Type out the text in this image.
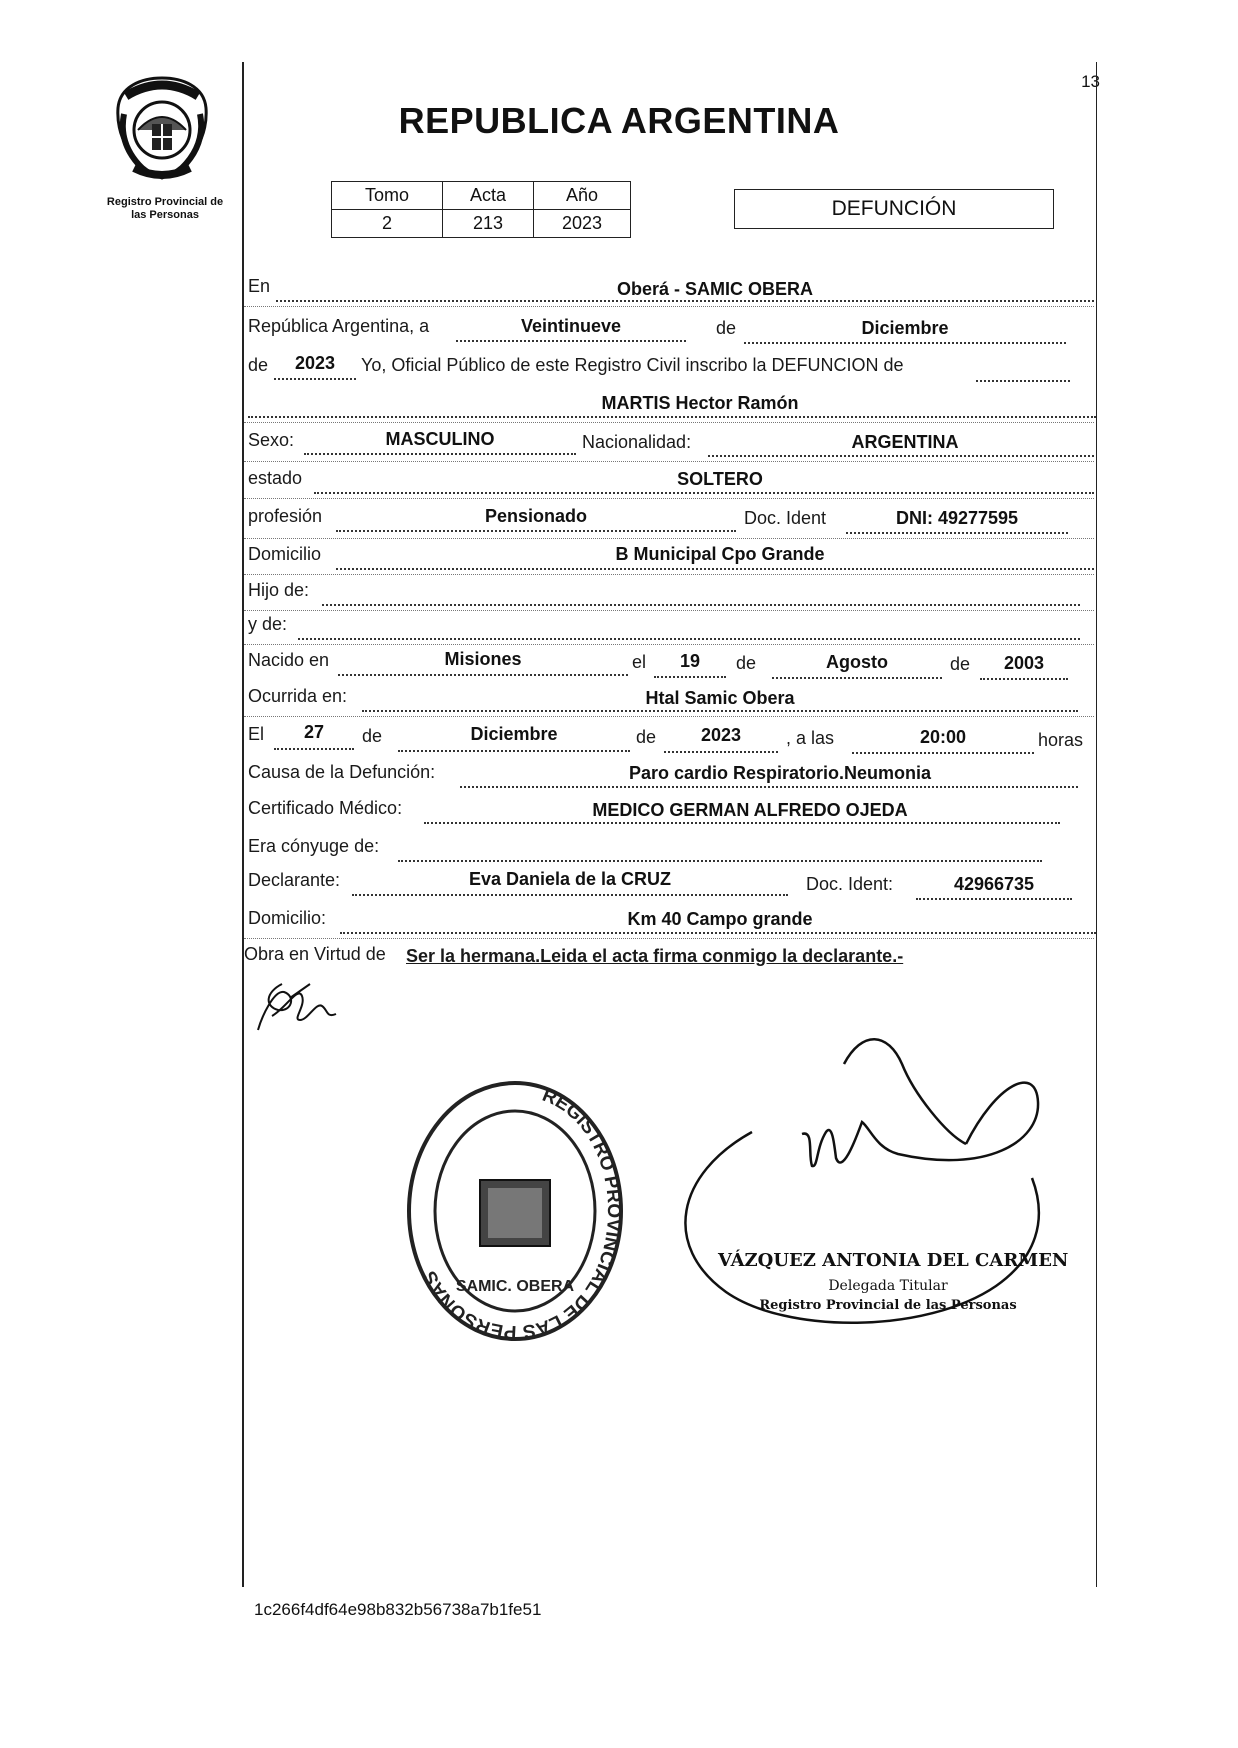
13
Registro Provincial de
las Personas
REPUBLICA ARGENTINA
Tomo	Acta	Año
2	213	2023
DEFUNCIÓN
En	Oberá - SAMIC OBERA
República Argentina, a	Veintinueve	de	Diciembre
de	2023	Yo, Oficial Público de este Registro Civil inscribo la DEFUNCION de
MARTIS Hector Ramón
Sexo:	MASCULINO	Nacionalidad:	ARGENTINA
estado	SOLTERO
profesión	Pensionado	Doc. Ident	DNI: 49277595
Domicilio	B Municipal Cpo Grande
Hijo de:
y de:
Nacido en	Misiones	el	19	de	Agosto	de	2003
Ocurrida en:	Htal Samic Obera
El	27	de	Diciembre	de	2023	, a las	20:00	horas
Causa de la Defunción:	Paro cardio Respiratorio.Neumonia
Certificado Médico:	MEDICO GERMAN ALFREDO OJEDA
Era cónyuge de:
Declarante:	Eva Daniela de la CRUZ	Doc. Ident:	42966735
Domicilio:	Km 40 Campo grande
Obra en Virtud de Ser la hermana.Leida el acta firma conmigo la declarante.-
REGISTRO PROVINCIAL DE LAS PERSONAS SAMIC. OBERA
VÁZQUEZ ANTONIA DEL CARMEN
Delegada Titular
Registro Provincial de las Personas
1c266f4df64e98b832b56738a7b1fe51
